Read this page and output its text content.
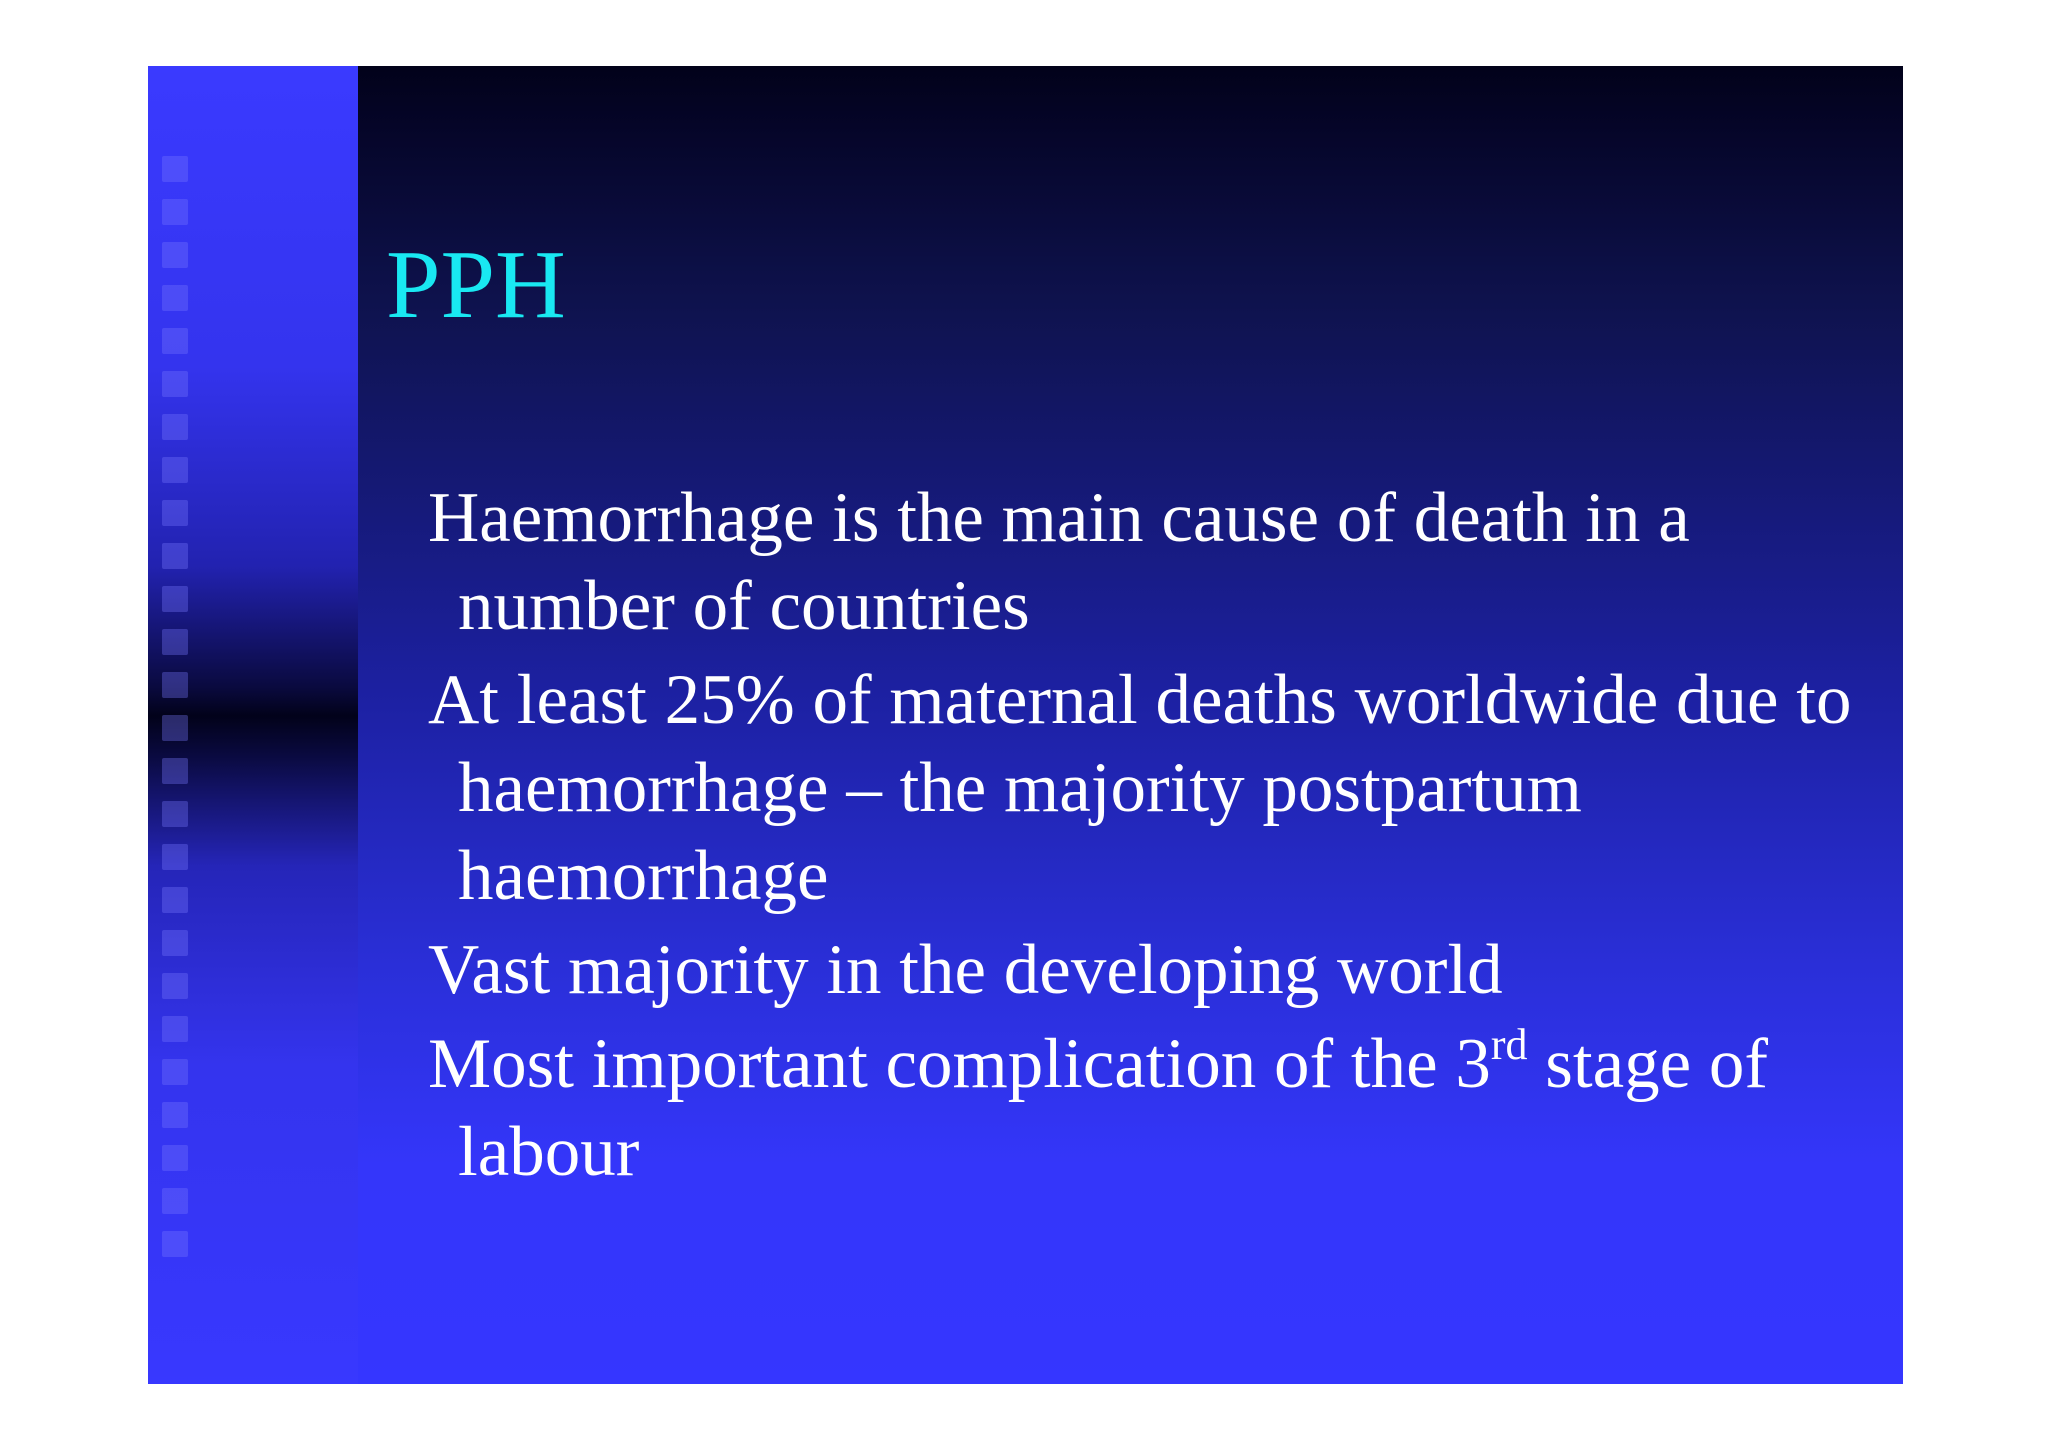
PPH
Haemorrhage is the main cause of death in a number of countries
At least 25% of maternal deaths worldwide due to haemorrhage – the majority postpartum haemorrhage
Vast majority in the developing world
Most important complication of the 3rd stage of labour
